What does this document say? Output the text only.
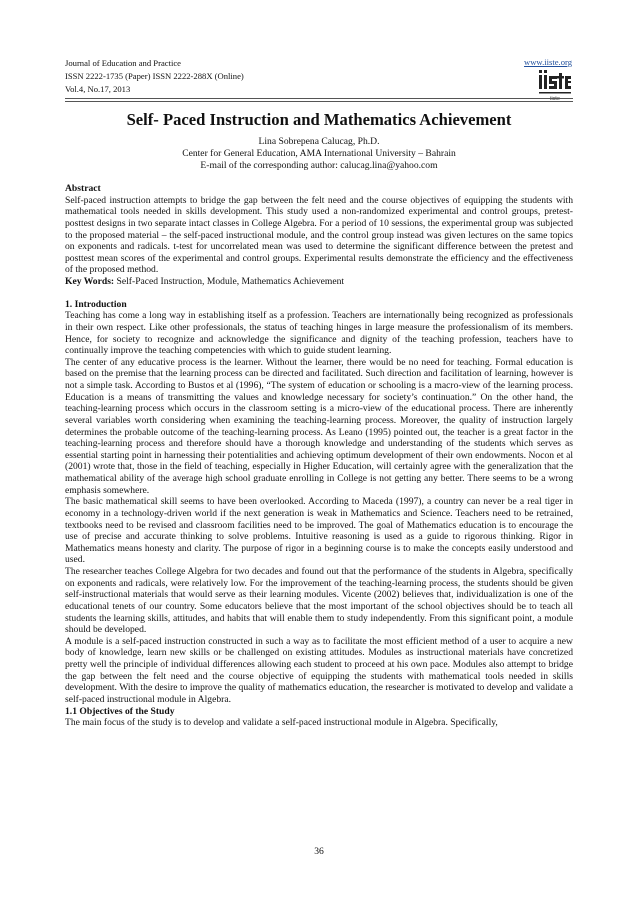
Journal of Education and Practice
ISSN 2222-1735 (Paper) ISSN 2222-288X (Online)
Vol.4, No.17, 2013
www.iiste.org
iiste
Self- Paced Instruction and Mathematics Achievement
Lina Sobrepena Calucag, Ph.D.
Center for General Education, AMA International University – Bahrain
E-mail of the corresponding author: calucag.lina@yahoo.com
Abstract

Self-paced instruction attempts to bridge the gap between the felt need and the course objectives of equipping the students with mathematical tools needed in skills development. This study used a non-randomized experimental and control groups, pretest-posttest designs in two separate intact classes in College Algebra. For a period of 10 sessions, the experimental group was subjected to the proposed material – the self-paced instructional module, and the control group instead was given lectures on the same topics on exponents and radicals. t-test for uncorrelated mean was used to determine the significant difference between the pretest and posttest mean scores of the experimental and control groups. Experimental results demonstrate the efficiency and the effectiveness of the proposed method.

Key Words: Self-Paced Instruction, Module, Mathematics Achievement

1. Introduction

Teaching has come a long way in establishing itself as a profession. Teachers are internationally being recognized as professionals in their own respect. Like other professionals, the status of teaching hinges in large measure the professionalism of its members. Hence, for society to recognize and acknowledge the significance and dignity of the teaching profession, teachers have to continually improve the teaching competencies with which to guide student learning.

The center of any educative process is the learner. Without the learner, there would be no need for teaching. Formal education is based on the premise that the learning process can be directed and facilitated. Such direction and facilitation of learning, however is not a simple task. According to Bustos et al (1996), “The system of education or schooling is a macro-view of the learning process. Education is a means of transmitting the values and knowledge necessary for society’s continuation.” On the other hand, the teaching-learning process which occurs in the classroom setting is a micro-view of the educational process. There are inherently several variables worth considering when examining the teaching-learning process. Moreover, the quality of instruction largely determines the probable outcome of the teaching-learning process. As Leano (1995) pointed out, the teacher is a great factor in the teaching-learning process and therefore should have a thorough knowledge and understanding of the students which serves as essential starting point in harnessing their potentialities and achieving optimum development of their own endowments. Nocon et al (2001) wrote that, those in the field of teaching, especially in Higher Education, will certainly agree with the generalization that the mathematical ability of the average high school graduate enrolling in College is not getting any better. There seems to be a wrong emphasis somewhere.

The basic mathematical skill seems to have been overlooked. According to Maceda (1997), a country can never be a real tiger in economy in a technology-driven world if the next generation is weak in Mathematics and Science. Teachers need to be retrained, textbooks need to be revised and classroom facilities need to be improved. The goal of Mathematics education is to encourage the use of precise and accurate thinking to solve problems. Intuitive reasoning is used as a guide to rigorous thinking. Rigor in Mathematics means honesty and clarity. The purpose of rigor in a beginning course is to make the concepts easily understood and used.

The researcher teaches College Algebra for two decades and found out that the performance of the students in Algebra, specifically on exponents and radicals, were relatively low. For the improvement of the teaching-learning process, the students should be given self-instructional materials that would serve as their learning modules. Vicente (2002) believes that, individualization is one of the educational tenets of our country. Some educators believe that the most important of the school objectives should be to teach all students the learning skills, attitudes, and habits that will enable them to study independently. From this significant point, a module should be developed.

A module is a self-paced instruction constructed in such a way as to facilitate the most efficient method of a user to acquire a new body of knowledge, learn new skills or be challenged on existing attitudes. Modules as instructional materials have concretized pretty well the principle of individual differences allowing each student to proceed at his own pace. Modules also attempt to bridge the gap between the felt need and the course objective of equipping the students with mathematical tools needed in skills development. With the desire to improve the quality of mathematics education, the researcher is motivated to develop and validate a self-paced instructional module in Algebra.

1.1 Objectives of the Study

The main focus of the study is to develop and validate a self-paced instructional module in Algebra. Specifically,

36
